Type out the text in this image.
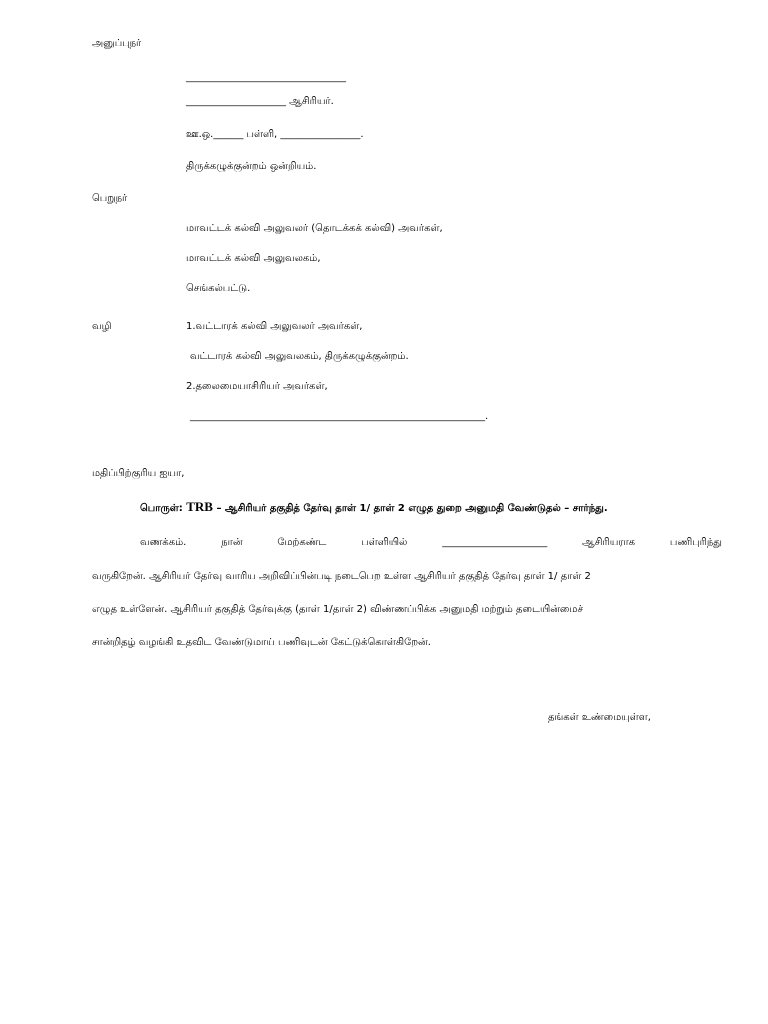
அனுப்புநர்
________________________________
____________________ ஆசிரியர்.
ஊ.ஒ.______ பள்ளி, ________________.
திருக்கழுக்குன்றம் ஒன்றியம்.
பெறுநர்
மாவட்டக் கல்வி அலுவலர் (தொடக்கக் கல்வி) அவர்கள்,
மாவட்டக் கல்வி அலுவலகம்,
செங்கல்பட்டு.
வழி	1.வட்டாரக் கல்வி அலுவலர் அவர்கள்,
வட்டாரக் கல்வி அலுவலகம், திருக்கழுக்குன்றம்.
2.தலைமையாசிரியர் அவர்கள்,
___________________________________________________________.
மதிப்பிற்குரிய ஐயா,
பொருள்: TRB – ஆசிரியர் தகுதித் தேர்வு தாள் 1/ தாள் 2 எழுத துறை அனுமதி வேண்டுதல் – சார்ந்து.
வணக்கம்.	நான்	மேற்கண்ட	பள்ளியில்	_____________________	ஆசிரியராக	பணிபுரிந்து
வருகிறேன். ஆசிரியர் தேர்வு வாரிய அறிவிப்பின்படி நடைபெற உள்ள ஆசிரியர் தகுதித் தேர்வு தாள் 1/ தாள் 2
எழுத உள்ளேன். ஆசிரியர் தகுதித் தேர்வுக்கு (தாள் 1/தாள் 2) விண்ணப்பிக்க அனுமதி மற்றும் தடையின்மைச்
சான்றிதழ் வழங்கி உதவிட வேண்டுமாய் பணிவுடன் கேட்டுக்கொள்கிறேன்.
தங்கள் உண்மையுள்ள,
